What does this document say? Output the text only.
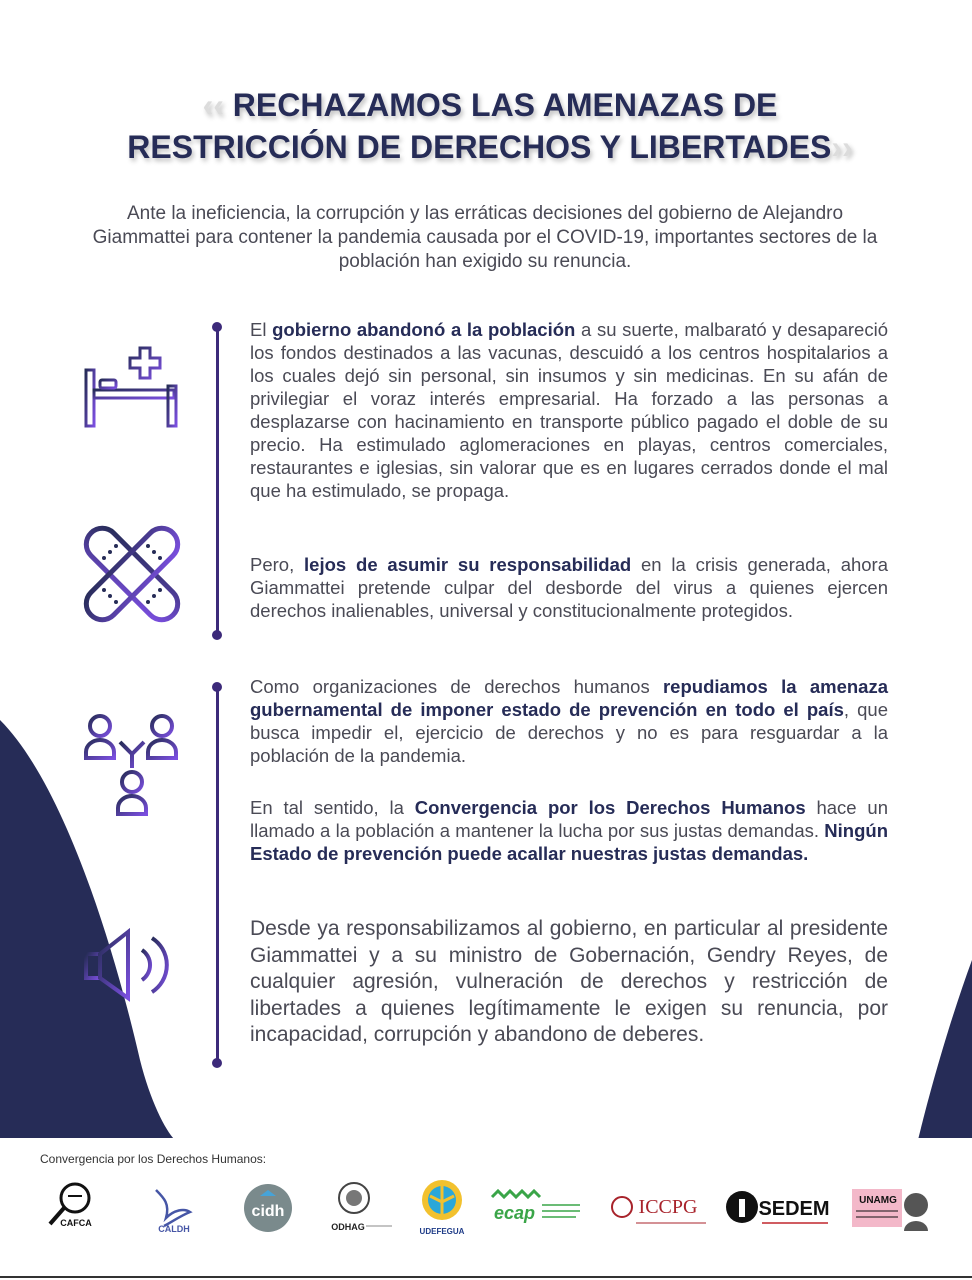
‹‹ RECHAZAMOS LAS AMENAZAS DE
RESTRICCIÓN DE DERECHOS Y LIBERTADES››
Ante la ineficiencia, la corrupción y las erráticas decisiones del gobierno de Alejandro Giammattei para contener la pandemia causada por el COVID-19, importantes sectores de la población han exigido su renuncia.
El gobierno abandonó a la población a su suerte, malbarató y desapareció los fondos destinados a las vacunas, descuidó a los centros hospitalarios a los cuales dejó sin personal, sin insumos y sin medicinas. En su afán de privilegiar el voraz interés empresarial. Ha forzado a las personas a desplazarse con hacinamiento en transporte público pagado el doble de su precio. Ha estimulado aglomeraciones en playas, centros comerciales, restaurantes e iglesias, sin valorar que es en lugares cerrados donde el mal que ha estimulado, se propaga.
Pero, lejos de asumir su responsabilidad en la crisis generada, ahora Giammattei pretende culpar del desborde del virus a quienes ejercen derechos inalienables, universal y constitucionalmente protegidos.
Como organizaciones de derechos humanos repudiamos la amenaza gubernamental de imponer estado de prevención en todo el país, que busca impedir el, ejercicio de derechos y no es para resguardar a la población de la pandemia.
En tal sentido, la Convergencia por los Derechos Humanos hace un llamado a la población a mantener la lucha por sus justas demandas. Ningún Estado de prevención puede acallar nuestras justas demandas.
Desde ya responsabilizamos al gobierno, en particular al presidente Giammattei y a su ministro de Gobernación, Gendry Reyes, de cualquier agresión, vulneración de derechos y restricción de libertades a quienes legítimamente le exigen su renuncia, por incapacidad, corrupción y abandono de deberes.
Convergencia por los Derechos Humanos:
CAFCA
CALDH
cidh
ODHAG	UDEFEGUA
ecap	ICCPG	SEDEM	UNAMG
